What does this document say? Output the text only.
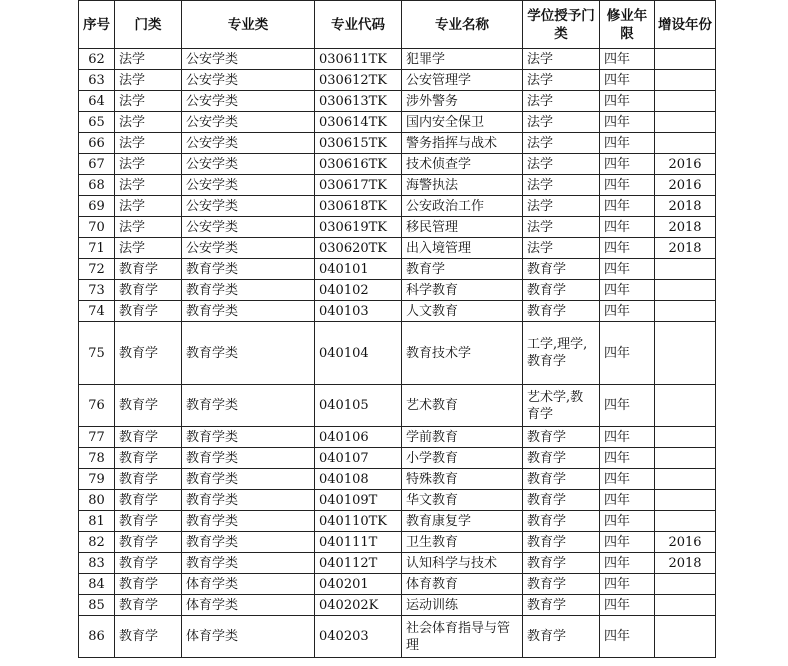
序号	门类	专业类	专业代码	专业名称	学位授予门类	修业年限	增设年份
62	法学	公安学类	030611TK	犯罪学	法学	四年	
63	法学	公安学类	030612TK	公安管理学	法学	四年	
64	法学	公安学类	030613TK	涉外警务	法学	四年	
65	法学	公安学类	030614TK	国内安全保卫	法学	四年	
66	法学	公安学类	030615TK	警务指挥与战术	法学	四年	
67	法学	公安学类	030616TK	技术侦查学	法学	四年	2016
68	法学	公安学类	030617TK	海警执法	法学	四年	2016
69	法学	公安学类	030618TK	公安政治工作	法学	四年	2018
70	法学	公安学类	030619TK	移民管理	法学	四年	2018
71	法学	公安学类	030620TK	出入境管理	法学	四年	2018
72	教育学	教育学类	040101	教育学	教育学	四年	
73	教育学	教育学类	040102	科学教育	教育学	四年	
74	教育学	教育学类	040103	人文教育	教育学	四年	
75	教育学	教育学类	040104	教育技术学	工学,理学,教育学	四年	
76	教育学	教育学类	040105	艺术教育	艺术学,教育学	四年	
77	教育学	教育学类	040106	学前教育	教育学	四年	
78	教育学	教育学类	040107	小学教育	教育学	四年	
79	教育学	教育学类	040108	特殊教育	教育学	四年	
80	教育学	教育学类	040109T	华文教育	教育学	四年	
81	教育学	教育学类	040110TK	教育康复学	教育学	四年	
82	教育学	教育学类	040111T	卫生教育	教育学	四年	2016
83	教育学	教育学类	040112T	认知科学与技术	教育学	四年	2018
84	教育学	体育学类	040201	体育教育	教育学	四年	
85	教育学	体育学类	040202K	运动训练	教育学	四年	
86	教育学	体育学类	040203	社会体育指导与管理	教育学	四年	
